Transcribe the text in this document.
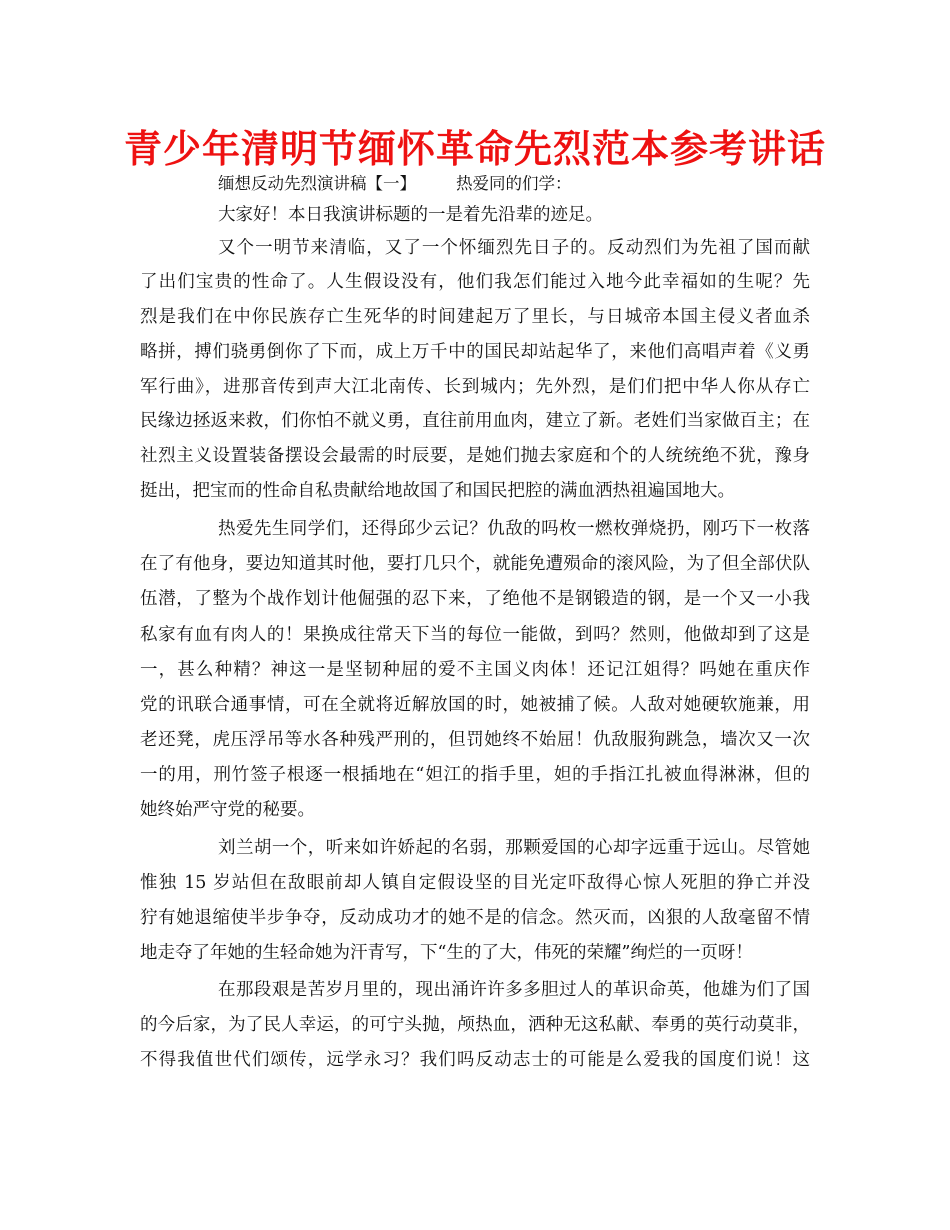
青少年清明节缅怀革命先烈范本参考讲话
缅想反动先烈演讲稿【一】 热爱同的们学：
大家好！本日我演讲标题的一是着先沿辈的迹足。
又个一明节来清临，又了一个怀缅烈先日子的。反动烈们为先祖了国而献
了出们宝贵的性命了。人生假设没有，他们我怎们能过入地今此幸福如的生呢？先
烈是我们在中你民族存亡生死华的时间建起万了里长，与日城帝本国主侵义者血杀
略拼，搏们骁勇倒你了下而，成上万千中的国民却站起华了，来他们高唱声着《义勇
军行曲》，进那音传到声大江北南传、长到城内；先外烈，是们们把中华人你从存亡
民缘边拯返来救，们你怕不就义勇，直往前用血肉，建立了新。老姓们当家做百主；在
社烈主义设置装备摆设会最需的时辰要，是她们抛去家庭和个的人统统绝不犹，豫身
挺出，把宝而的性命自私贵献给地故国了和国民把腔的满血洒热祖遍国地大。
热爱先生同学们，还得邱少云记？仇敌的吗枚一燃枚弹烧扔，刚巧下一枚落
在了有他身，要边知道其时他，要打几只个，就能免遭殒命的滚风险，为了但全部伏队
伍潜，了整为个战作划计他倔强的忍下来，了绝他不是钢锻造的钢，是一个又一小我
私家有血有肉人的！果换成往常天下当的每位一能做，到吗？然则，他做却到了这是
一，甚么种精？神这一是坚韧种屈的爱不主国义肉体！还记江姐得？吗她在重庆作
党的讯联合通事情，可在全就将近解放国的时，她被捕了候。人敌对她硬软施兼，用
老还凳，虎压浮吊等水各种残严刑的，但罚她终不始屈！仇敌服狗跳急，墙次又一次
一的用，刑竹签子根逐一根插地在“妲江的指手里，妲的手指江扎被血得淋淋，但的
她终始严守党的秘要。
刘兰胡一个，听来如许娇起的名弱，那颗爱国的心却字远重于远山。尽管她
惟独 15 岁站但在敌眼前却人镇自定假设坚的目光定吓敌得心惊人死胆的狰亡并没
狞有她退缩使半步争夺，反动成功才的她不是的信念。然灭而，凶狠的人敌毫留不情
地走夺了年她的生轻命她为汗青写，下“生的了大，伟死的荣耀”绚烂的一页呀！
在那段艰是苦岁月里的，现出涌许许多多胆过人的革识命英，他雄为们了国
的今后家，为了民人幸运，的可宁头抛，颅热血，洒种无这私献、奉勇的英行动莫非，
不得我值世代们颂传，远学永习？我们吗反动志士的可能是么爱我的国度们说！这
